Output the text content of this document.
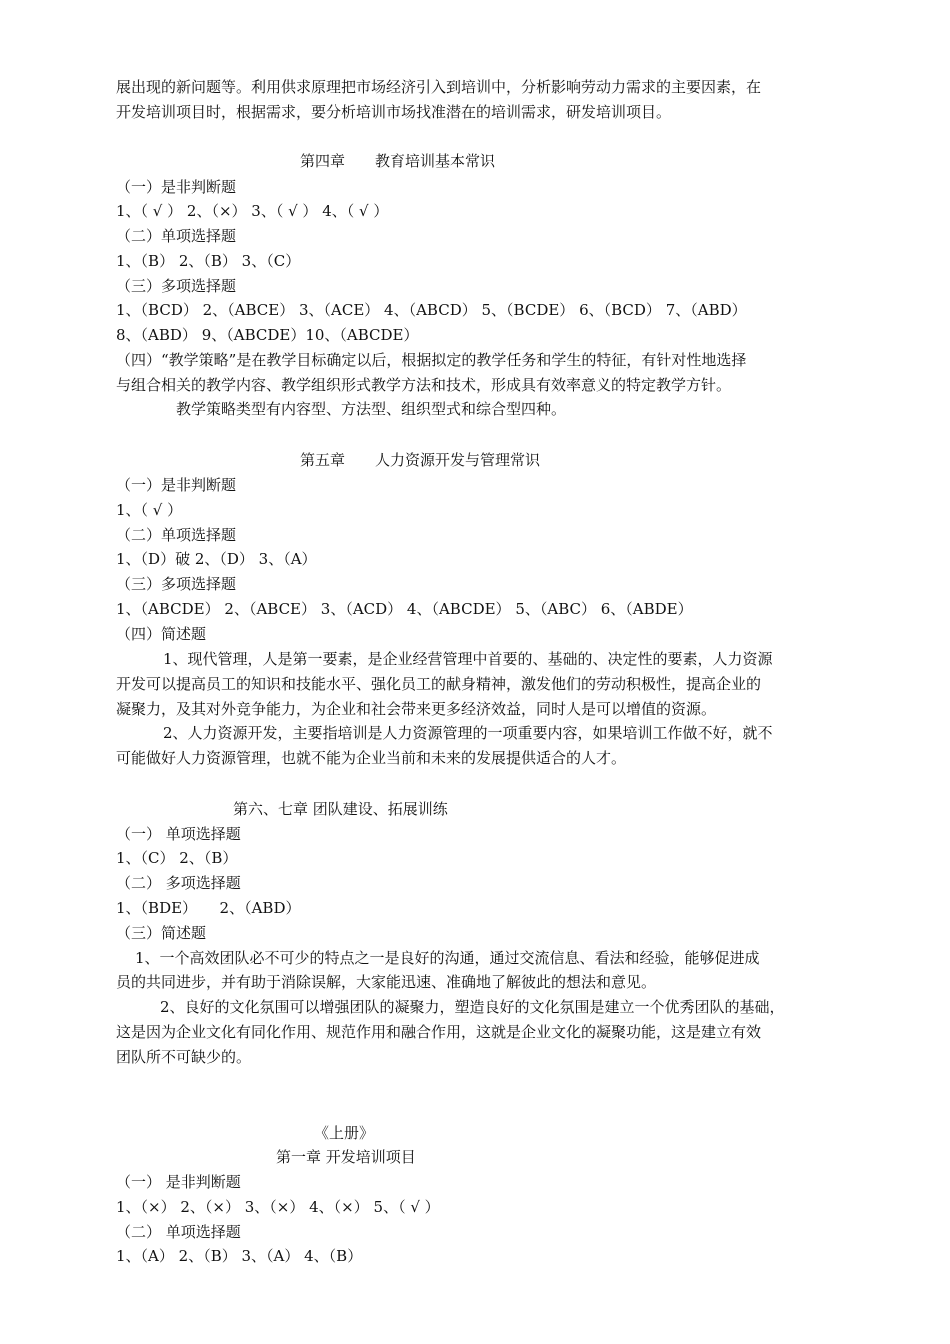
展出现的新问题等。利用供求原理把市场经济引入到培训中，分析影响劳动力需求的主要因素，在
开发培训项目时，根据需求，要分析培训市场找准潜在的培训需求，研发培训项目。
第四章　　教育培训基本常识
（一）是非判断题
1、（ √ ） 2、（×） 3、（ √ ） 4、（ √ ）
（二）单项选择题
1、（B） 2、（B） 3、（C）
（三）多项选择题
1、（BCD） 2、（ABCE） 3、（ACE） 4、（ABCD） 5、（BCDE） 6、（BCD） 7、（ABD）
8、（ABD） 9、（ABCDE）10、（ABCDE）
（四）“教学策略”是在教学目标确定以后，根据拟定的教学任务和学生的特征，有针对性地选择
与组合相关的教学内容、教学组织形式教学方法和技术，形成具有效率意义的特定教学方针。
教学策略类型有内容型、方法型、组织型式和综合型四种。
第五章　　人力资源开发与管理常识
（一）是非判断题
1、（ √ ）
（二）单项选择题
1、（D）破 2、（D） 3、（A）
（三）多项选择题
1、（ABCDE） 2、（ABCE） 3、（ACD） 4、（ABCDE） 5、（ABC） 6、（ABDE）
（四）简述题
1、现代管理，人是第一要素，是企业经营管理中首要的、基础的、决定性的要素，人力资源
开发可以提高员工的知识和技能水平、强化员工的献身精神，激发他们的劳动积极性，提高企业的
凝聚力，及其对外竞争能力，为企业和社会带来更多经济效益，同时人是可以增值的资源。
2、人力资源开发，主要指培训是人力资源管理的一项重要内容，如果培训工作做不好，就不
可能做好人力资源管理，也就不能为企业当前和未来的发展提供适合的人才。
第六、七章 团队建设、拓展训练
（一） 单项选择题
1、（C） 2、（B）
（二） 多项选择题
1、（BDE）　　2、（ABD）
（三）简述题
1、一个高效团队必不可少的特点之一是良好的沟通，通过交流信息、看法和经验，能够促进成
员的共同进步，并有助于消除误解，大家能迅速、准确地了解彼此的想法和意见。
2、良好的文化氛围可以增强团队的凝聚力，塑造良好的文化氛围是建立一个优秀团队的基础，
这是因为企业文化有同化作用、规范作用和融合作用，这就是企业文化的凝聚功能，这是建立有效
团队所不可缺少的。
《上册》
第一章 开发培训项目
（一） 是非判断题
1、（×） 2、（×） 3、（×） 4、（×） 5、（ √ ）
（二） 单项选择题
1、（A） 2、（B） 3、（A） 4、（B）
